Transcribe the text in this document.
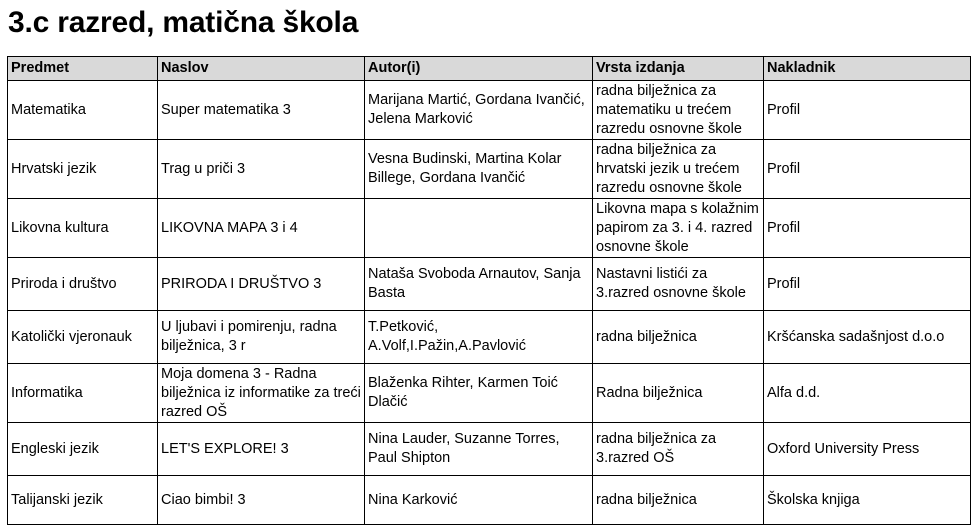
3.c razred, matična škola
Predmet	Naslov	Autor(i)	Vrsta izdanja	Nakladnik
Matematika	Super matematika 3	Marijana Martić, Gordana Ivančić, Jelena Marković	radna bilježnica za matematiku u trećem razredu osnovne škole	Profil
Hrvatski jezik	Trag u priči 3	Vesna Budinski, Martina Kolar Billege, Gordana Ivančić	radna bilježnica za hrvatski jezik u trećem razredu osnovne škole	Profil
Likovna kultura	LIKOVNA MAPA 3 i 4		Likovna mapa s kolažnim papirom za 3. i 4. razred osnovne škole	Profil
Priroda i društvo	PRIRODA I DRUŠTVO 3	Nataša Svoboda Arnautov, Sanja Basta	Nastavni listići za 3.razred osnovne škole	Profil
Katolički vjeronauk	U ljubavi i pomirenju, radna bilježnica, 3 r	T.Petković, A.Volf,I.Pažin,A.Pavlović	radna bilježnica	Kršćanska sadašnjost d.o.o
Informatika	Moja domena 3 - Radna bilježnica iz informatike za treći razred OŠ	Blaženka Rihter, Karmen Toić Dlačić	Radna bilježnica	Alfa d.d.
Engleski jezik	LET'S EXPLORE! 3	Nina Lauder, Suzanne Torres, Paul Shipton	radna bilježnica za 3.razred OŠ	Oxford University Press
Talijanski jezik	Ciao bimbi! 3	Nina Karković	radna bilježnica	Školska knjiga
